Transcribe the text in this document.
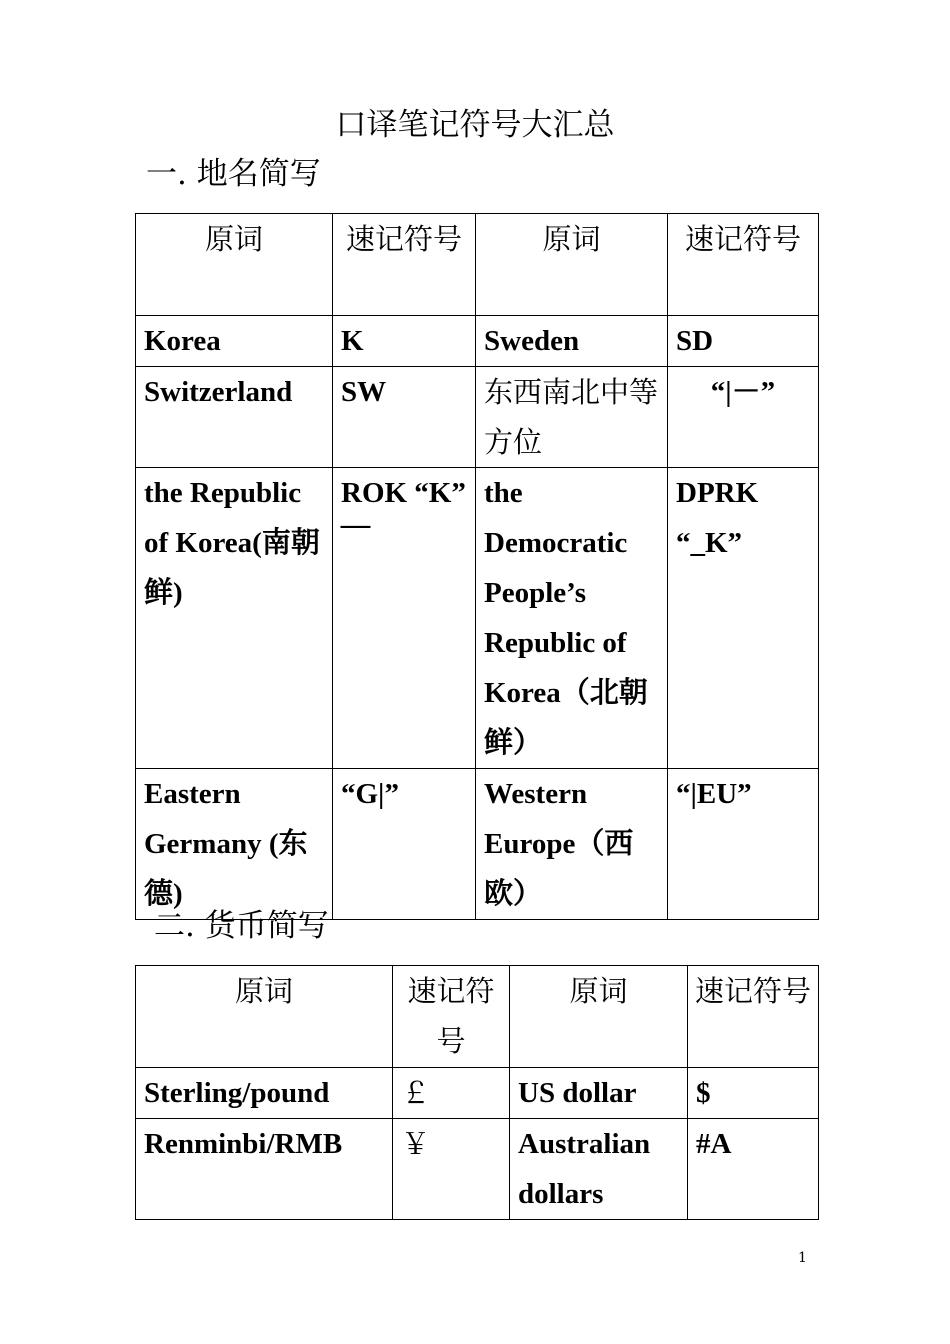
口译笔记符号大汇总
一. 地名简写
原词	速记符号	原词	速记符号
Korea	K	Sweden	SD
Switzerland	SW	东西南北中等方位	“|－”
the Republic of Korea(南朝鲜)	ROK “K” ￣	the Democratic People’s Republic of Korea（北朝鲜）	DPRK “_K”
Eastern Germany (东德)	“G|”	Western Europe（西欧）	“|EU”
二. 货币简写
原词	速记符号	原词	速记符号
Sterling/pound	￡	US dollar	$
Renminbi/RMB	￥	Australian dollars	#A
1
